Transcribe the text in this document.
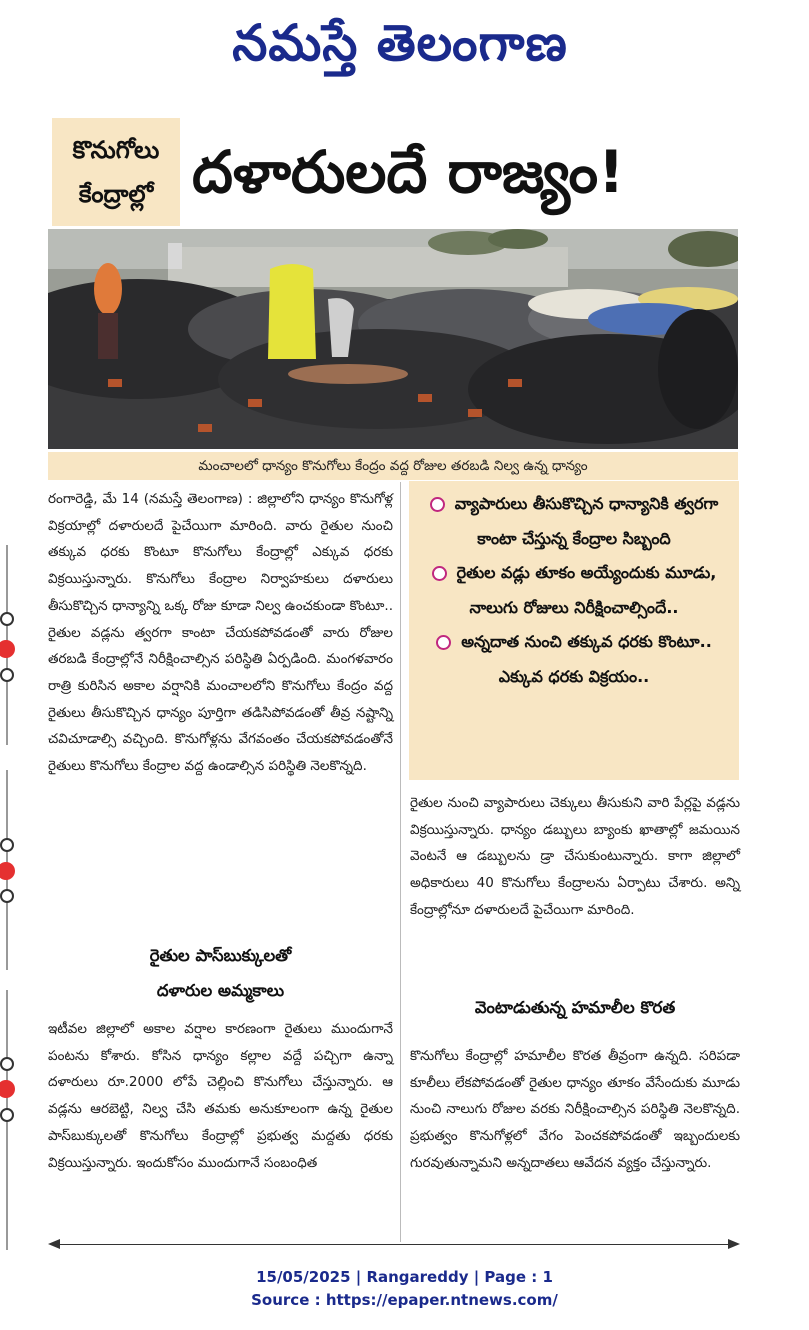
నమస్తే తెలంగాణ
కొనుగోలు
కేంద్రాల్లో దళారులదే రాజ్యం!
మంచాలలో ధాన్యం కొనుగోలు కేంద్రం వద్ద రోజుల తరబడి నిల్వ ఉన్న ధాన్యం
రంగారెడ్డి, మే 14 (నమస్తే తెలంగాణ) : జిల్లాలోని ధాన్యం కొనుగోళ్ల విక్రయాల్లో దళారులదే పైచేయిగా మారింది. వారు రైతుల నుంచి తక్కువ ధరకు కొంటూ కొనుగోలు కేంద్రాల్లో ఎక్కువ ధరకు విక్రయిస్తున్నారు. కొనుగోలు కేంద్రాల నిర్వాహకులు దళారులు తీసుకొచ్చిన ధాన్యాన్ని ఒక్క రోజు కూడా నిల్వ ఉంచకుండా కొంటూ.. రైతుల వడ్లను త్వరగా కాంటా చేయకపోవడంతో వారు రోజుల తరబడి కేంద్రాల్లోనే నిరీక్షించాల్సిన పరిస్థితి ఏర్పడింది. మంగళవారం రాత్రి కురిసిన అకాల వర్షానికి మంచాలలోని కొనుగోలు కేంద్రం వద్ద రైతులు తీసుకొచ్చిన ధాన్యం పూర్తిగా తడిసిపోవడంతో తీవ్ర నష్టాన్ని చవిచూడాల్సి వచ్చింది. కొనుగోళ్లను వేగవంతం చేయకపోవడంతోనే రైతులు కొనుగోలు కేంద్రాల వద్ద ఉండాల్సిన పరిస్థితి నెలకొన్నది.
రైతుల పాస్‌బుక్కులతో
దళారుల అమ్మకాలు
ఇటీవల జిల్లాలో అకాల వర్షాల కారణంగా రైతులు ముందుగానే పంటను కోశారు. కోసిన ధాన్యం కల్లాల వద్దే పచ్చిగా ఉన్నా దళారులు రూ.2000 లోపే చెల్లించి కొనుగోలు చేస్తున్నారు. ఆ వడ్లను ఆరబెట్టి, నిల్వ చేసి తమకు అనుకూలంగా ఉన్న రైతుల పాస్‌బుక్కులతో కొనుగోలు కేంద్రాల్లో ప్రభుత్వ మద్దతు ధరకు విక్రయిస్తున్నారు. ఇందుకోసం ముందుగానే సంబంధిత
వ్యాపారులు తీసుకొచ్చిన ధాన్యానికి త్వరగా కాంటా చేస్తున్న కేంద్రాల సిబ్బంది
రైతుల వడ్లు తూకం అయ్యేందుకు మూడు, నాలుగు రోజులు నిరీక్షించాల్సిందే..
అన్నదాత నుంచి తక్కువ ధరకు కొంటూ.. ఎక్కువ ధరకు విక్రయం..
రైతుల నుంచి వ్యాపారులు చెక్కులు తీసుకుని వారి పేర్లపై వడ్లను విక్రయిస్తున్నారు. ధాన్యం డబ్బులు బ్యాంకు ఖాతాల్లో జమయిన వెంటనే ఆ డబ్బులను డ్రా చేసుకుంటున్నారు. కాగా జిల్లాలో అధికారులు 40 కొనుగోలు కేంద్రాలను ఏర్పాటు చేశారు. అన్ని కేంద్రాల్లోనూ దళారులదే పైచేయిగా మారింది.
వెంటాడుతున్న హమాలీల కొరత
కొనుగోలు కేంద్రాల్లో హమాలీల కొరత తీవ్రంగా ఉన్నది. సరిపడా కూలీలు లేకపోవడంతో రైతుల ధాన్యం తూకం వేసేందుకు మూడు నుంచి నాలుగు రోజుల వరకు నిరీక్షించాల్సిన పరిస్థితి నెలకొన్నది. ప్రభుత్వం కొనుగోళ్లలో వేగం పెంచకపోవడంతో ఇబ్బందులకు గురవుతున్నామని అన్నదాతలు ఆవేదన వ్యక్తం చేస్తున్నారు.
15/05/2025 | Rangareddy | Page : 1
Source : https://epaper.ntnews.com/
